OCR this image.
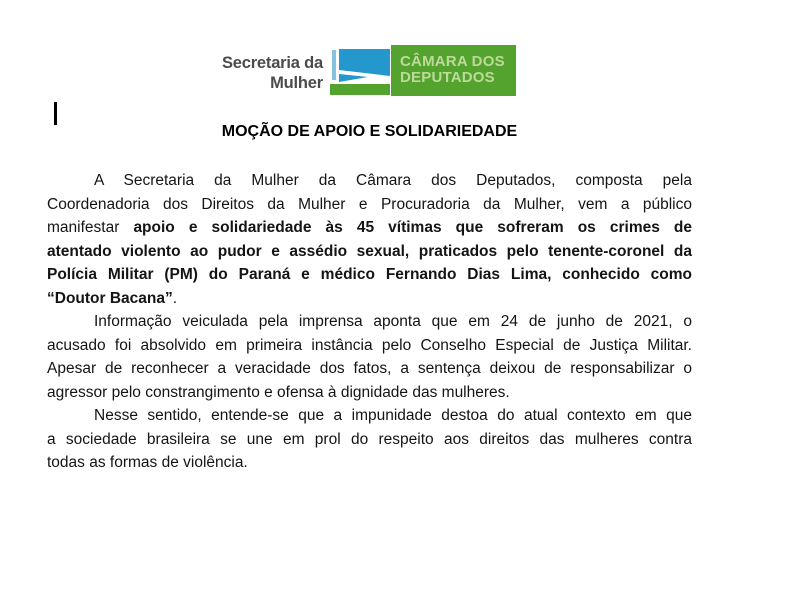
Secretaria da
Mulher
CÂMARA DOS
DEPUTADOS
MOÇÃO DE APOIO E SOLIDARIEDADE
A Secretaria da Mulher da Câmara dos Deputados, composta pela
Coordenadoria dos Direitos da Mulher e Procuradoria da Mulher, vem a público
manifestar apoio e solidariedade às 45 vítimas que sofreram os crimes de
atentado violento ao pudor e assédio sexual, praticados pelo tenente-coronel da
Polícia Militar (PM) do Paraná e médico Fernando Dias Lima, conhecido como
“Doutor Bacana”.
Informação veiculada pela imprensa aponta que em 24 de junho de 2021, o
acusado foi absolvido em primeira instância pelo Conselho Especial de Justiça Militar.
Apesar de reconhecer a veracidade dos fatos, a sentença deixou de responsabilizar o
agressor pelo constrangimento e ofensa à dignidade das mulheres.
Nesse sentido, entende-se que a impunidade destoa do atual contexto em que
a sociedade brasileira se une em prol do respeito aos direitos das mulheres contra
todas as formas de violência.
